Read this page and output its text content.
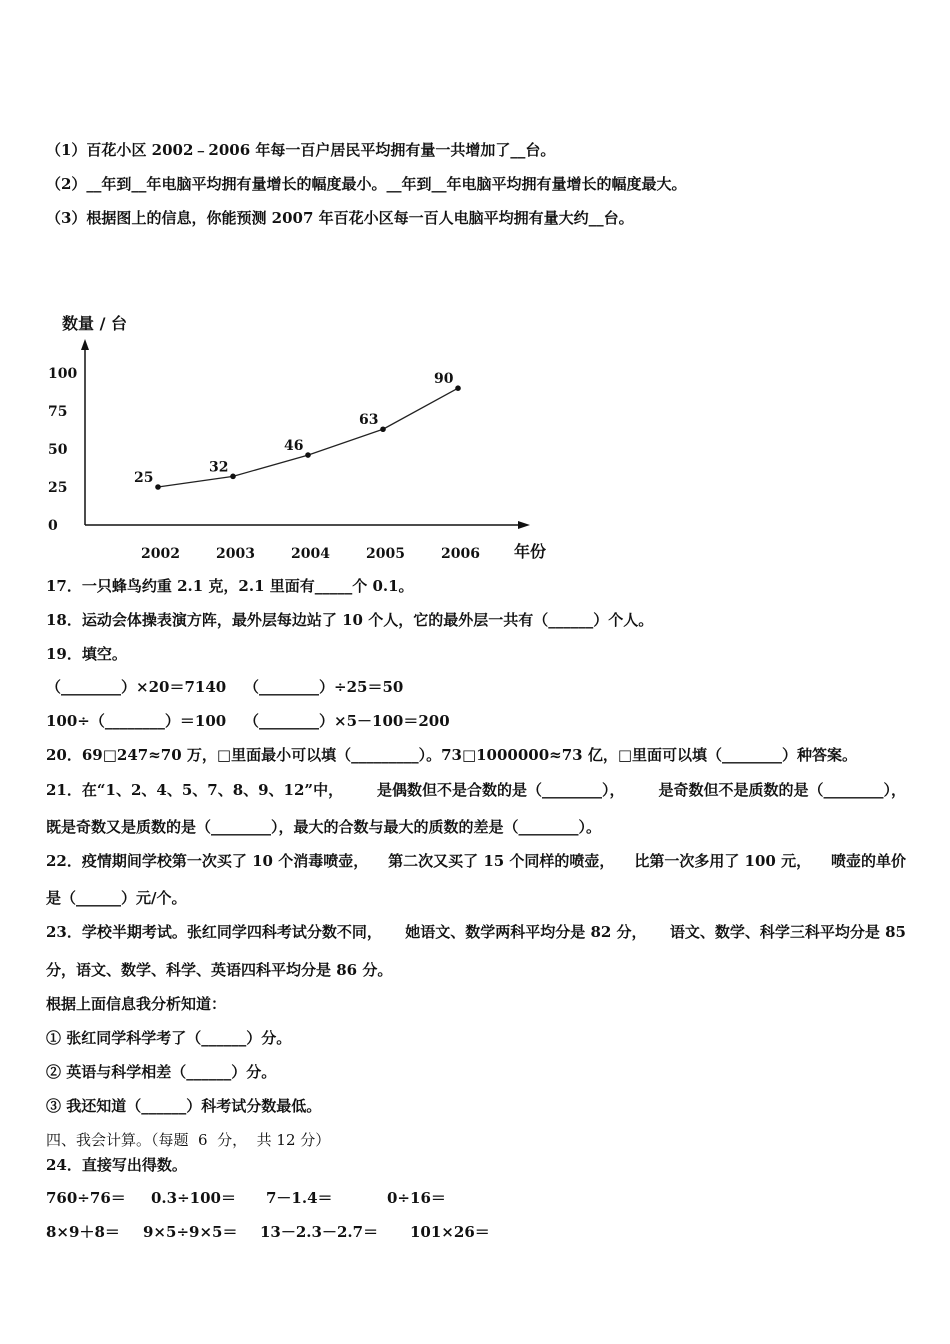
（1）百花小区 2002﹣2006 年每一百户居民平均拥有量一共增加了__台。
（2）__年到__年电脑平均拥有量增长的幅度最小。__年到__年电脑平均拥有量增长的幅度最大。
（3）根据图上的信息，你能预测 2007 年百花小区每一百人电脑平均拥有量大约__台。
数量 / 台
年份
0
25
50
75
100
2002	2003	2004	2005	2006
25
32
46
63
90
17．一只蜂鸟约重 2.1 克，2.1 里面有_____个 0.1。
18．运动会体操表演方阵，最外层每边站了 10 个人，它的最外层一共有（______）个人。
19．填空。

（________）×20＝7140

（________）÷25＝50

100÷（________）＝100

（________）×5－100＝200

20．69□247≈70 万，□里面最小可以填（_________）。73□1000000≈73 亿，□里面可以填（________）种答案。
21．在“1、2、4、5、7、8、9、12”中， 是偶数但不是合数的是（________）， 是奇数但不是质数的是（________），
既是奇数又是质数的是（________），最大的合数与最大的质数的差是（________）。
22．疫情期间学校第一次买了 10 个消毒喷壶， 第二次又买了 15 个同样的喷壶， 比第一次多用了 100 元， 喷壶的单价
是（______）元/个。
23．学校半期考试。张红同学四科考试分数不同， 她语文、数学两科平均分是 82 分， 语文、数学、科学三科平均分是 85
分，语文、数学、科学、英语四科平均分是 86 分。
根据上面信息我分析知道：
① 张红同学科学考了（______）分。
② 英语与科学相差（______）分。
③ 我还知道（______）科考试分数最低。
四、我会计算。（每题  6  分，  共 12 分）
24．直接写出得数。

760÷76＝

0.3÷100＝

7－1.4＝

	0÷16＝

8×9＋8＝

9×5÷9×5＝

13－2.3－2.7＝

101×26＝
